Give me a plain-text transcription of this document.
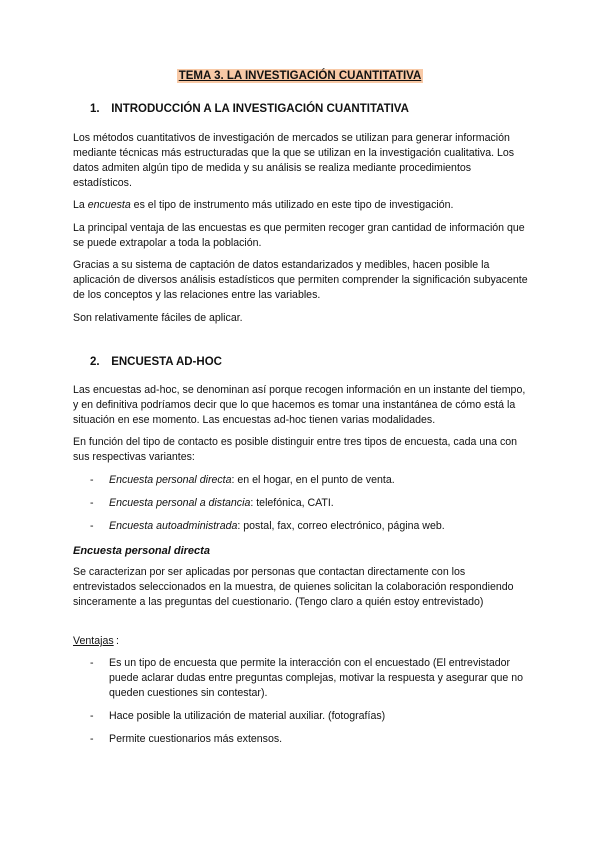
TEMA 3. LA INVESTIGACIÓN CUANTITATIVA
1. INTRODUCCIÓN A LA INVESTIGACIÓN CUANTITATIVA

Los métodos cuantitativos de investigación de mercados se utilizan para generar información mediante técnicas más estructuradas que la que se utilizan en la investigación cualitativa. Los datos admiten algún tipo de medida y su análisis se realiza mediante procedimientos estadísticos.

La encuesta es el tipo de instrumento más utilizado en este tipo de investigación.

La principal ventaja de las encuestas es que permiten recoger gran cantidad de información que se puede extrapolar a toda la población.

Gracias a su sistema de captación de datos estandarizados y medibles, hacen posible la aplicación de diversos análisis estadísticos que permiten comprender la significación subyacente de los conceptos y las relaciones entre las variables.

Son relativamente fáciles de aplicar.

2. ENCUESTA AD-HOC

Las encuestas ad-hoc, se denominan así porque recogen información en un instante del tiempo, y en definitiva podríamos decir que lo que hacemos es tomar una instantánea de cómo está la situación en ese momento. Las encuestas ad-hoc tienen varias modalidades.

En función del tipo de contacto es posible distinguir entre tres tipos de encuesta, cada una con sus respectivas variantes:

- Encuesta personal directa: en el hogar, en el punto de venta.
- Encuesta personal a distancia: telefónica, CATI.
- Encuesta autoadministrada: postal, fax, correo electrónico, página web.
Encuesta personal directa

Se caracterizan por ser aplicadas por personas que contactan directamente con los entrevistados seleccionados en la muestra, de quienes solicitan la colaboración respondiendo sinceramente a las preguntas del cuestionario. (Tengo claro a quién estoy entrevistado)

Ventajas :
- Es un tipo de encuesta que permite la interacción con el encuestado (El entrevistador puede aclarar dudas entre preguntas complejas, motivar la respuesta y asegurar que no queden cuestiones sin contestar).
- Hace posible la utilización de material auxiliar. (fotografías)
- Permite cuestionarios más extensos.
